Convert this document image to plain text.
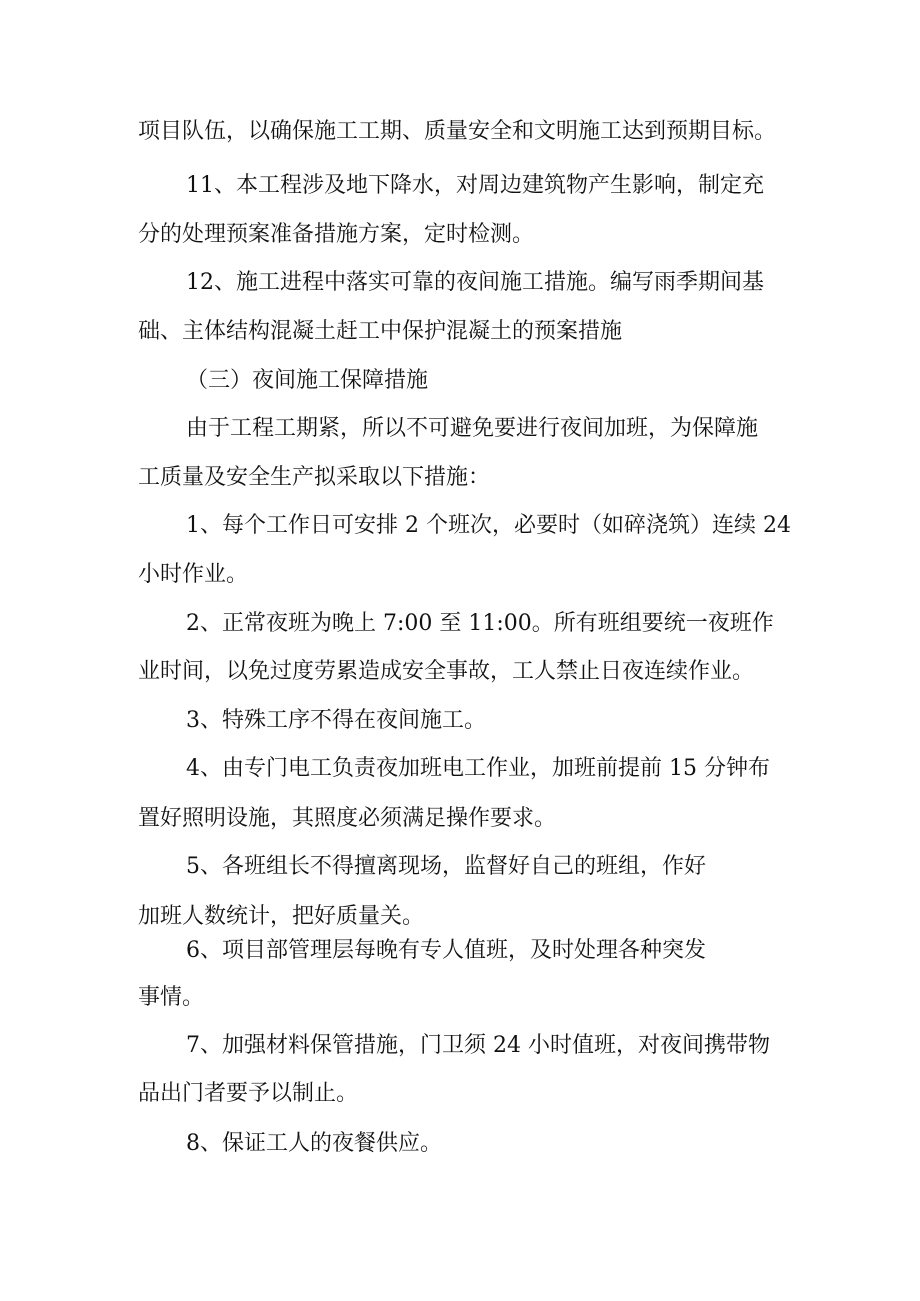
项目队伍，以确保施工工期、质量安全和文明施工达到预期目标。
11、本工程涉及地下降水，对周边建筑物产生影响，制定充
分的处理预案准备措施方案，定时检测。
12、施工进程中落实可靠的夜间施工措施。编写雨季期间基
础、主体结构混凝土赶工中保护混凝土的预案措施
（三）夜间施工保障措施
由于工程工期紧，所以不可避免要进行夜间加班，为保障施
工质量及安全生产拟采取以下措施：
1、每个工作日可安排 2 个班次，必要时（如碎浇筑）连续 24
小时作业。
2、正常夜班为晚上 7:00 至 11:00。所有班组要统一夜班作
业时间，以免过度劳累造成安全事故，工人禁止日夜连续作业。
3、特殊工序不得在夜间施工。
4、由专门电工负责夜加班电工作业，加班前提前 15 分钟布
置好照明设施，其照度必须满足操作要求。
5、各班组长不得擅离现场，监督好自己的班组，作好
加班人数统计，把好质量关。
6、项目部管理层每晚有专人值班，及时处理各种突发
事情。
7、加强材料保管措施，门卫须 24 小时值班，对夜间携带物
品出门者要予以制止。
8、保证工人的夜餐供应。
